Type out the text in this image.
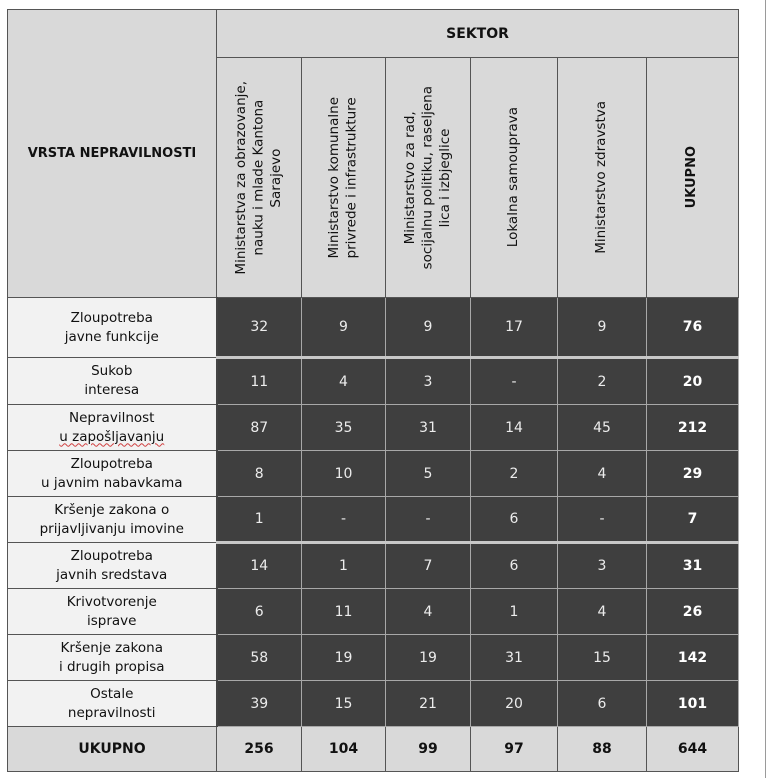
VRSTA NEPRAVILNOSTI	SEKTOR					

	Ministarstva za obrazovanje, nauku i mlade Kantona Sarajevo	Ministarstvo komunalne privrede i infrastrukture	Ministarstvo za rad, socijalnu politiku, raseljena lica i izbjeglice	Lokalna samouprava	Ministarstvo zdravstva	UKUPNO

Zloupotreba
javne funkcije	32	9	9	17	9	76
Sukob
interesa	11	4	3	-	2	20
Nepravilnost
u zapošljavanju	87	35	31	14	45	212
Zloupotreba
u javnim nabavkama	8	10	5	2	4	29
Kršenje zakona o
prijavljivanju imovine	1	-	-	6	-	7
Zloupotreba
javnih sredstava	14	1	7	6	3	31
Krivotvorenje
isprave	6	11	4	1	4	26
Kršenje zakona
i drugih propisa	58	19	19	31	15	142
Ostale
nepravilnosti	39	15	21	20	6	101
UKUPNO	256	104	99	97	88	644
